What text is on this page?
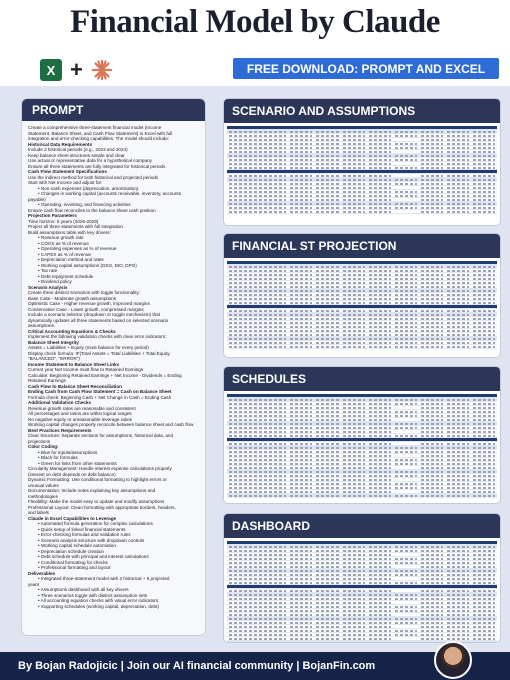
Financial Model by Claude
X +	FREE DOWNLOAD: PROMPT AND EXCEL
PROMPT
Create a comprehensive three-statement financial model (Income
Statement, Balance Sheet, and Cash Flow Statement) in Excel with full
integration and error-checking capabilities. The model should include:
Historical Data Requirements
Include 2 historical periods (e.g., 2023 and 2024)
Keep balance sheet structures simple and clear
Use actual or representative data for a hypothetical company
Ensure all three statements are fully integrated for historical periods
Cash Flow Statement Specifications
Use the indirect method for both historical and projected periods
Start with Net Income and adjust for:
• Non-cash expenses (depreciation, amortization)
• Changes in working capital (accounts receivable, inventory, accounts
payable)
• Operating, investing, and financing activities
Ensure cash flow reconciles to the balance sheet cash position
Projection Parameters
Time horizon: 5 years (2025-2029)
Project all three statements with full integration
Build assumptions table with key drivers:
• Revenue growth rate
• COGS as % of revenue
• Operating expenses as % of revenue
• CAPEX as % of revenue
• Depreciation method and rates
• Working capital assumptions (DSO, DIO, DPO)
• Tax rate
• Debt repayment schedule
• Dividend policy
Scenario Analysis
Create three distinct scenarios with toggle functionality:
Base Case - Moderate growth assumptions
Optimistic Case - Higher revenue growth, improved margins
Conservative Case - Lower growth, compressed margins
Include a scenario selector (dropdown or toggle mechanism) that
dynamically updates all three statements based on selected scenario
assumptions.
Critical Accounting Equations & Checks
Implement the following validation checks with clear error indicators:
Balance Sheet Integrity
Assets = Liabilities + Equity (must balance for every period)
Display check formula: IF(Total Assets = Total Liabilities + Total Equity,
"BALANCED", "ERROR")
Income Statement to Balance Sheet Links
Current year Net Income must flow to Retained Earnings
Calculate: Beginning Retained Earnings + Net Income - Dividends = Ending
Retained Earnings
Cash Flow to Balance Sheet Reconciliation
Ending Cash from Cash Flow Statement = Cash on Balance Sheet
Formula check: Beginning Cash + Net Change in Cash = Ending Cash
Additional Validation Checks
Revenue growth rates are reasonable and consistent
All percentages and ratios are within logical ranges
No negative equity or unreasonable leverage ratios
Working capital changes properly reconcile between balance sheet and cash flow
Best Practices Requirements
Clear Structure: Separate sections for assumptions, historical data, and
projections
Color Coding:
• Blue for inputs/assumptions
• Black for formulas
• Green for links from other statements
Circularity Management: Handle interest expense calculations properly
(interest on debt depends on debt balance)
Dynamic Formatting: Use conditional formatting to highlight errors or
unusual values
Documentation: Include notes explaining key assumptions and
methodologies
Flexibility: Make the model easy to update and modify assumptions
Professional Layout: Clean formatting with appropriate borders, headers,
and labels
Claude in Excel Capabilities to Leverage
• Automated formula generation for complex calculations
• Quick setup of linked financial statements
• Error-checking formulas and validation rules
• Scenario analysis structure with dropdown controls
• Working capital schedule automation
• Depreciation schedule creation
• Debt schedule with principal and interest calculations
• Conditional formatting for checks
• Professional formatting and layout
Deliverables
• Integrated three-statement model with 2 historical + 5 projected
years
• Assumptions dashboard with all key drivers
• Three scenarios toggle with distinct assumption sets
• All accounting equation checks with visual error indicators
• Supporting schedules (working capital, depreciation, debt)
SCENARIO AND ASSUMPTIONS
FINANCIAL ST PROJECTION
SCHEDULES
DASHBOARD
By Bojan Radojicic | Join our AI financial community | BojanFin.com
